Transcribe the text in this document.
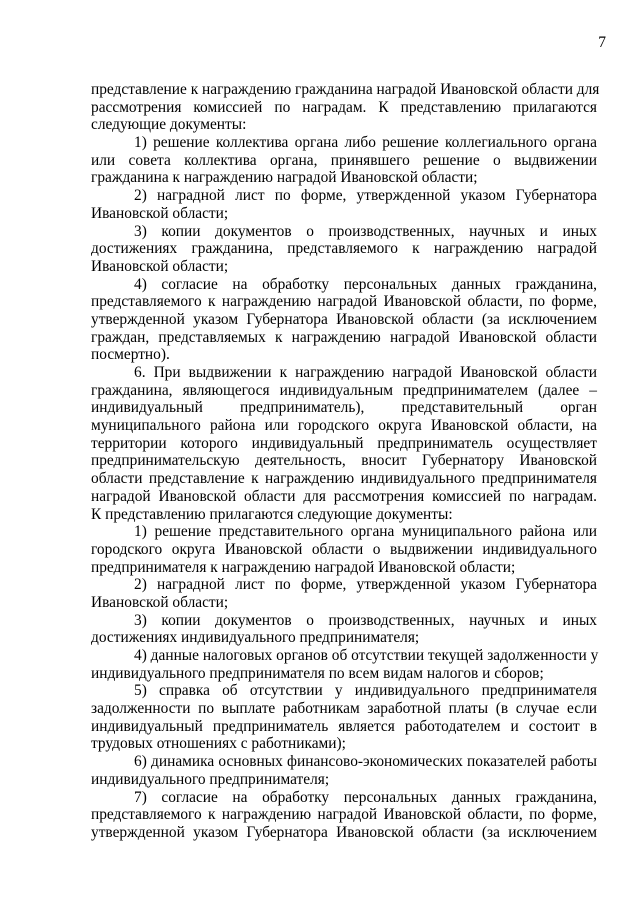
7
представление к награждению гражданина наградой Ивановской области для
рассмотрения комиссией по наградам. К представлению прилагаются
следующие документы:
1) решение коллектива органа либо решение коллегиального органа
или совета коллектива органа, принявшего решение о выдвижении
гражданина к награждению наградой Ивановской области;
2) наградной лист по форме, утвержденной указом Губернатора
Ивановской области;
3) копии документов о производственных, научных и иных
достижениях гражданина, представляемого к награждению наградой
Ивановской области;
4) согласие на обработку персональных данных гражданина,
представляемого к награждению наградой Ивановской области, по форме,
утвержденной указом Губернатора Ивановской области (за исключением
граждан, представляемых к награждению наградой Ивановской области
посмертно).
6. При выдвижении к награждению наградой Ивановской области
гражданина, являющегося индивидуальным предпринимателем (далее –
индивидуальный предприниматель), представительный орган
муниципального района или городского округа Ивановской области, на
территории которого индивидуальный предприниматель осуществляет
предпринимательскую деятельность, вносит Губернатору Ивановской
области представление к награждению индивидуального предпринимателя
наградой Ивановской области для рассмотрения комиссией по наградам.
К представлению прилагаются следующие документы:
1) решение представительного органа муниципального района или
городского округа Ивановской области о выдвижении индивидуального
предпринимателя к награждению наградой Ивановской области;
2) наградной лист по форме, утвержденной указом Губернатора
Ивановской области;
3) копии документов о производственных, научных и иных
достижениях индивидуального предпринимателя;
4) данные налоговых органов об отсутствии текущей задолженности у
индивидуального предпринимателя по всем видам налогов и сборов;
5) справка об отсутствии у индивидуального предпринимателя
задолженности по выплате работникам заработной платы (в случае если
индивидуальный предприниматель является работодателем и состоит в
трудовых отношениях с работниками);
6) динамика основных финансово-экономических показателей работы
индивидуального предпринимателя;
7) согласие на обработку персональных данных гражданина,
представляемого к награждению наградой Ивановской области, по форме,
утвержденной указом Губернатора Ивановской области (за исключением
